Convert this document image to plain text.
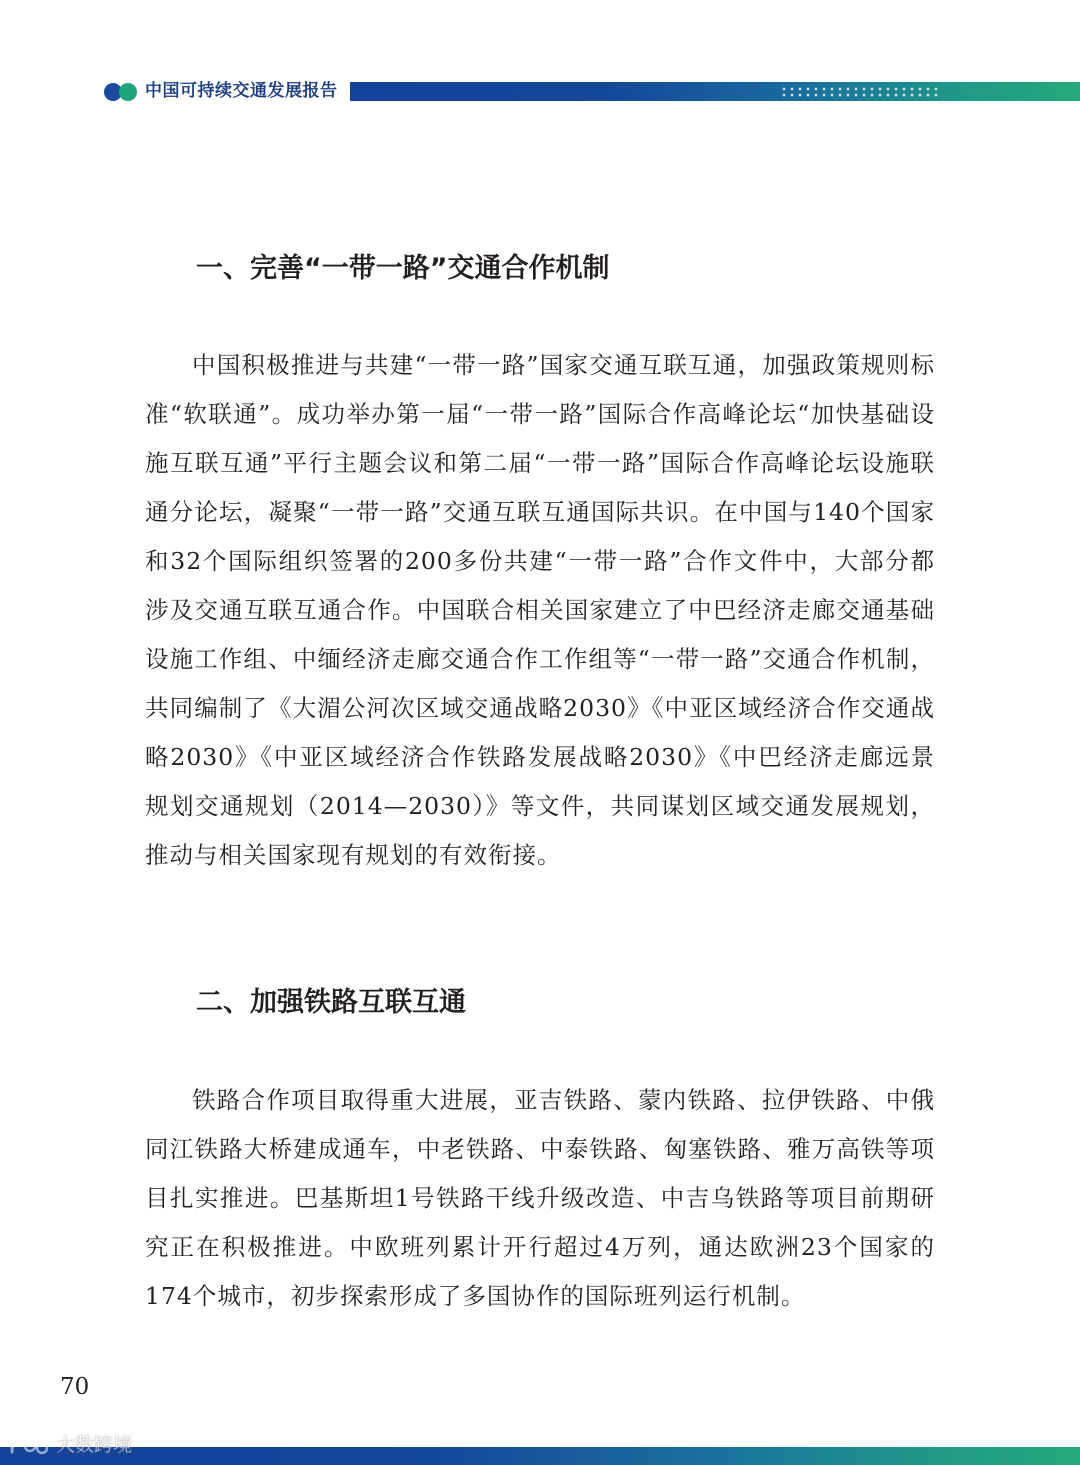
中国可持续交通发展报告
一、完善“一带一路”交通合作机制

中国积极推进与共建“一带一路”国家交通互联互通，加强政策规则标准“软联通”。成功举办第一届“一带一路”国际合作高峰论坛“加快基础设施互联互通”平行主题会议和第二届“一带一路”国际合作高峰论坛设施联通分论坛，凝聚“一带一路”交通互联互通国际共识。在中国与140个国家和32个国际组织签署的200多份共建“一带一路”合作文件中，大部分都涉及交通互联互通合作。中国联合相关国家建立了中巴经济走廊交通基础设施工作组、中缅经济走廊交通合作工作组等“一带一路”交通合作机制，共同编制了《大湄公河次区域交通战略2030》《中亚区域经济合作交通战略2030》《中亚区域经济合作铁路发展战略2030》《中巴经济走廊远景规划交通规划（2014—2030）》等文件，共同谋划区域交通发展规划，推动与相关国家现有规划的有效衔接。

二、加强铁路互联互通

铁路合作项目取得重大进展，亚吉铁路、蒙内铁路、拉伊铁路、中俄同江铁路大桥建成通车，中老铁路、中泰铁路、匈塞铁路、雅万高铁等项目扎实推进。巴基斯坦1号铁路干线升级改造、中吉乌铁路等项目前期研究正在积极推进。中欧班列累计开行超过4万列，通达欧洲23个国家的174个城市，初步探索形成了多国协作的国际班列运行机制。

70
大数跨境
